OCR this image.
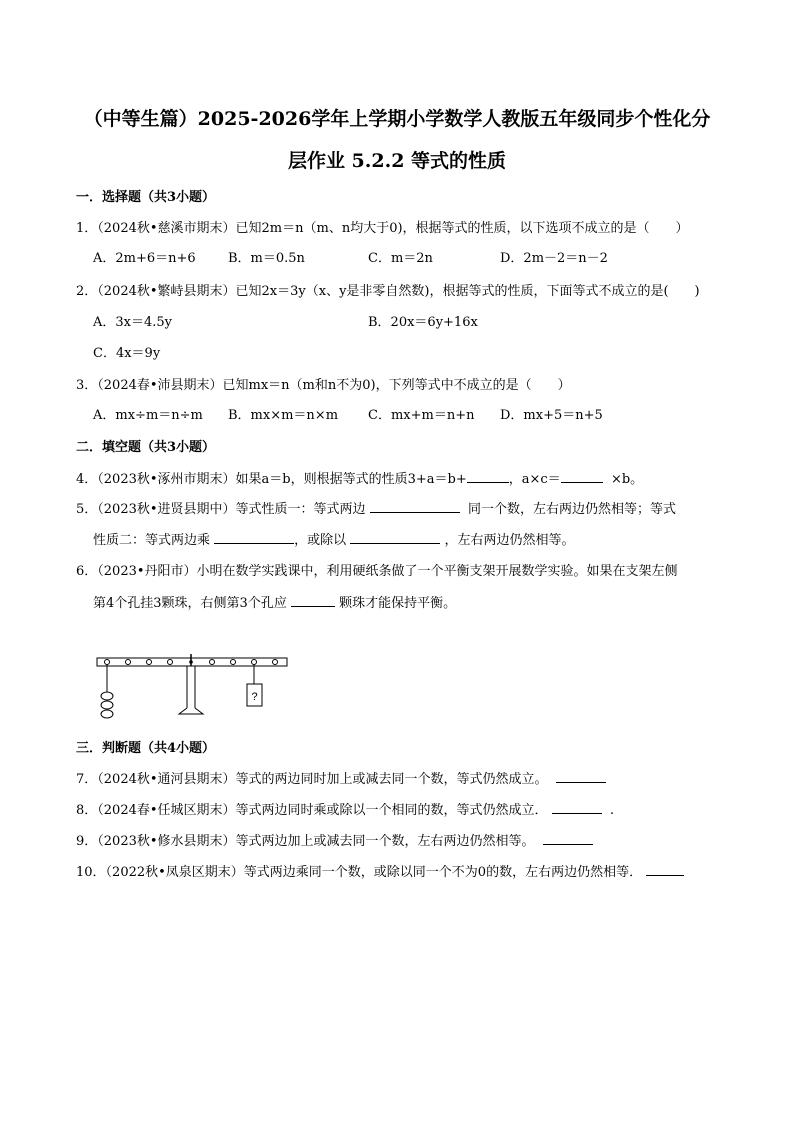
（中等生篇）2025-2026学年上学期小学数学人教版五年级同步个性化分
层作业 5.2.2 等式的性质
一．选择题（共3小题）
1．（2024秋•慈溪市期末）已知2m＝n（m、n均大于0)，根据等式的性质，以下选项不成立的是（　　）
A．2m+6＝n+6 B．m＝0.5n	C．m＝2n	D．2m－2＝n－2
2．（2024秋•繁峙县期末）已知2x＝3y（x、y是非零自然数)，根据等式的性质，下面等式不成立的是(　　)
A．3x＝4.5y	B．20x＝6y+16x
C．4x＝9y
3．（2024春•沛县期末）已知mx＝n（m和n不为0)，下列等式中不成立的是（　　）
A．mx÷m＝n÷m B．mx×m＝n×m C．mx+m＝n+n D．mx+5＝n+5
二．填空题（共3小题）
4．（2023秋•涿州市期末）如果a＝b，则根据等式的性质3+a＝b+	，a×c＝	×b。
5．（2023秋•进贤县期中）等式性质一：等式两边	同一个数，左右两边仍然相等；等式
性质二：等式两边乘	，或除以	，左右两边仍然相等。
6．（2023•丹阳市）小明在数学实践课中，利用硬纸条做了一个平衡支架开展数学实验。如果在支架左侧
第4个孔挂3颗珠，右侧第3个孔应	颗珠才能保持平衡。
?
三．判断题（共4小题）
7．（2024秋•通河县期末）等式的两边同时加上或减去同一个数，等式仍然成立。
8．（2024春•任城区期末）等式两边同时乘或除以一个相同的数，等式仍然成立．	.
9．（2023秋•修水县期末）等式两边加上或减去同一个数，左右两边仍然相等。
10．（2022秋•凤泉区期末）等式两边乘同一个数，或除以同一个不为0的数，左右两边仍然相等．
